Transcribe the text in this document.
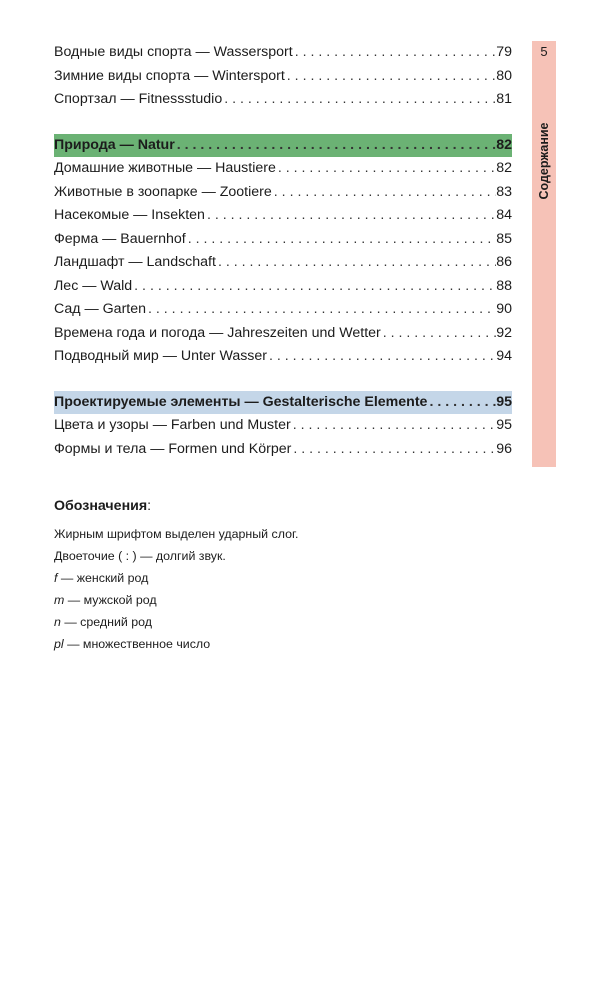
Водные виды спорта — Wassersport . . .	79
Зимние виды спорта — Wintersport . . .	80
Спортзал — Fitnessstudio . . .	81
Природа — Natur . . .	82
Домашние животные — Haustiere . . .	82
Животные в зоопарке — Zootiere . . .	83
Насекомые — Insekten . . .	84
Ферма — Bauernhof . . .	85
Ландшафт — Landschaft . . .	86
Лес — Wald . . .	88
Сад — Garten . . .	90
Времена года и погода — Jahreszeiten und Wetter . . .	92
Подводный мир — Unter Wasser . . .	94
Проектируемые элементы — Gestalterische Elemente . . .	95
Цвета и узоры — Farben und Muster . . .	95
Формы и тела — Formen und Körper . . .	96
5
Содержание
Обозначения:
Жирным шрифтом выделен ударный слог.
Двоеточие ( : ) — долгий звук.
f — женский род
m — мужской род
n — средний род
pl — множественное число
